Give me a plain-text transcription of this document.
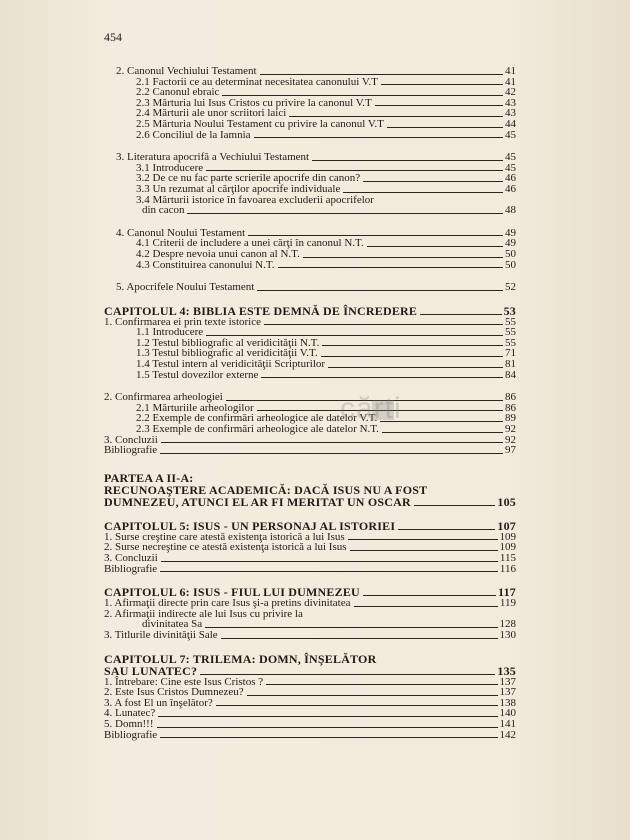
454
2. Canonul Vechiului Testament	41
2.1 Factorii ce au determinat necesitatea canonului V.T	41
2.2 Canonul ebraic	42
2.3 Mărturia lui Isus Cristos cu privire la canonul V.T	43
2.4 Mărturii ale unor scriitori laici	43
2.5 Mărturia Noului Testament cu privire la canonul V.T	44
2.6 Conciliul de la Iamnia	45
3. Literatura apocrifă a Vechiului Testament	45
3.1 Introducere	45
3.2 De ce nu fac parte scrierile apocrife din canon?	46
3.3 Un rezumat al cărţilor apocrife individuale	46
3.4 Mărturii istorice în favoarea excluderii apocrifelor
din cacon	48
4. Canonul Noului Testament	49
4.1 Criterii de includere a unei cărţi în canonul N.T.	49
4.2 Despre nevoia unui canon al N.T.	50
4.3 Constituirea canonului N.T.	50
5. Apocrifele Noului Testament	52
CAPITOLUL 4: BIBLIA ESTE DEMNĂ DE ÎNCREDERE	53
1. Confirmarea ei prin texte istorice	55
1.1 Introducere	55
1.2 Testul bibliografic al veridicităţii N.T.	55
1.3 Testul bibliografic al veridicităţii V.T.	71
1.4 Testul intern al veridicităţii Scripturilor	81
1.5 Testul dovezilor externe	84
2. Confirmarea arheologiei	86
2.1 Mărturiile arheologilor	86
2.2 Exemple de confirmări arheologice ale datelor V.T.	89
2.3 Exemple de confirmări arheologice ale datelor N.T.	92
3. Concluzii	92
Bibliografie	97
PARTEA A II-A:
RECUNOAŞTERE ACADEMICĂ: DACĂ ISUS NU A FOST
DUMNEZEU, ATUNCI EL AR FI MERITAT UN OSCAR	105
CAPITOLUL 5: ISUS - UN PERSONAJ AL ISTORIEI	107
1. Surse creştine care atestă existenţa istorică a lui Isus	109
2. Surse necreştine ce atestă existenţa istorică a lui Isus	109
3. Concluzii	115
Bibliografie	116
CAPITOLUL 6: ISUS - FIUL LUI DUMNEZEU	117
1. Afirmaţii directe prin care Isus şi-a pretins divinitatea	119
2. Afirmaţii indirecte ale lui Isus cu privire la
divinitatea Sa	128
3. Titlurile divinităţii Sale	130
CAPITOLUL 7: TRILEMA: DOMN, ÎNŞELĂTOR
SAU LUNATEC?	135
1. Întrebare: Cine este Isus Cristos ?	137
2. Este Isus Cristos Dumnezeu?	137
3. A fost El un înşelător?	138
4. Lunatec?	140
5. Domn!!!	141
Bibliografie	142
cărti
